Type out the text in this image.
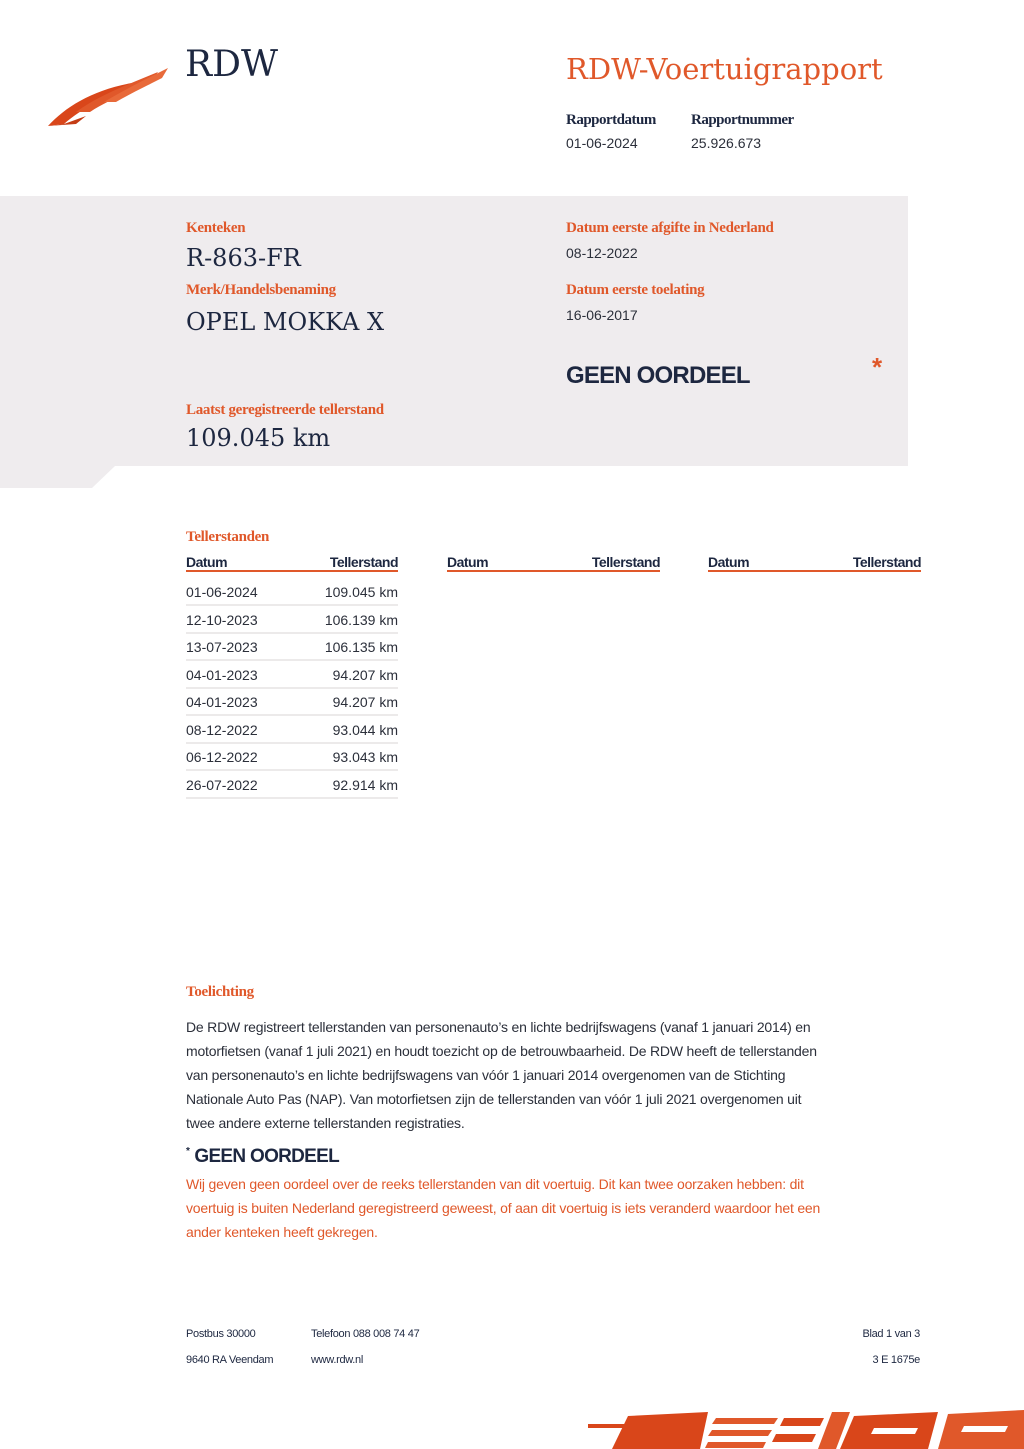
RDW	RDW-Voertuigrapport
Rapportdatum
01-06-2024
Rapportnummer
25.926.673
Kenteken
R-863-FR
Merk/Handelsbenaming
OPEL MOKKA X
Datum eerste afgifte in Nederland
08-12-2022
Datum eerste toelating
16-06-2017
GEEN OORDEEL	*
Laatst geregistreerde tellerstand
109.045 km
Tellerstanden
Datum	Tellerstand	Datum	Tellerstand	Datum	Tellerstand
01-06-2024	109.045 km
12-10-2023	106.139 km
13-07-2023	106.135 km
04-01-2023	94.207 km
04-01-2023	94.207 km
08-12-2022	93.044 km
06-12-2022	93.043 km
26-07-2022	92.914 km
Toelichting
De RDW registreert tellerstanden van personenauto’s en lichte bedrijfswagens (vanaf 1 januari 2014) en
motorfietsen (vanaf 1 juli 2021) en houdt toezicht op de betrouwbaarheid. De RDW heeft de tellerstanden
van personenauto’s en lichte bedrijfswagens van vóór 1 januari 2014 overgenomen van de Stichting
Nationale Auto Pas (NAP). Van motorfietsen zijn de tellerstanden van vóór 1 juli 2021 overgenomen uit
twee andere externe tellerstanden registraties.
* GEEN OORDEEL
Wij geven geen oordeel over de reeks tellerstanden van dit voertuig. Dit kan twee oorzaken hebben: dit
voertuig is buiten Nederland geregistreerd geweest, of aan dit voertuig is iets veranderd waardoor het een
ander kenteken heeft gekregen.
Postbus 30000
9640 RA Veendam
Telefoon 088 008 74 47
www.rdw.nl
Blad 1 van 3
3 E 1675e
